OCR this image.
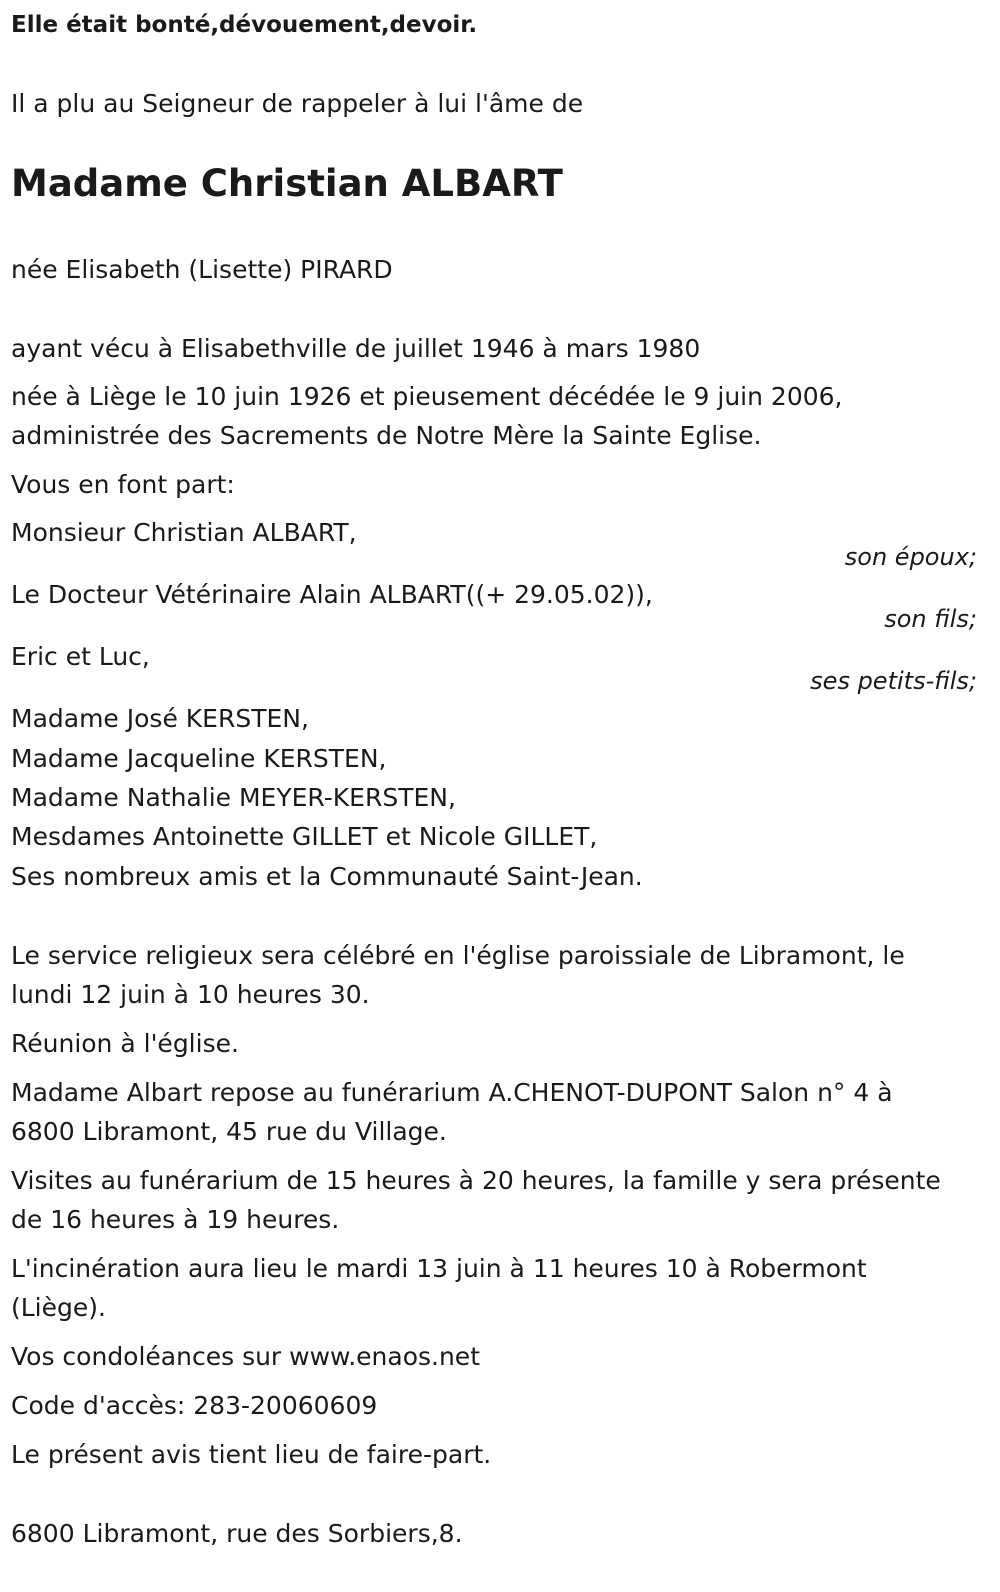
Elle était bonté,dévouement,devoir.
Il a plu au Seigneur de rappeler à lui l'âme de
Madame Christian ALBART
née Elisabeth (Lisette) PIRARD
ayant vécu à Elisabethville de juillet 1946 à mars 1980
née à Liège le 10 juin 1926 et pieusement décédée le 9 juin 2006,
administrée des Sacrements de Notre Mère la Sainte Eglise.
Vous en font part:
Monsieur Christian ALBART,
son époux;
Le Docteur Vétérinaire Alain ALBART((+ 29.05.02)),
son fils;
Eric et Luc,
ses petits-fils;
Madame José KERSTEN,
Madame Jacqueline KERSTEN,
Madame Nathalie MEYER-KERSTEN,
Mesdames Antoinette GILLET et Nicole GILLET,
Ses nombreux amis et la Communauté Saint-Jean.
Le service religieux sera célébré en l'église paroissiale de Libramont, le
lundi 12 juin à 10 heures 30.
Réunion à l'église.
Madame Albart repose au funérarium A.CHENOT-DUPONT Salon n° 4 à
6800 Libramont, 45 rue du Village.
Visites au funérarium de 15 heures à 20 heures, la famille y sera présente
de 16 heures à 19 heures.
L'incinération aura lieu le mardi 13 juin à 11 heures 10 à Robermont
(Liège).
Vos condoléances sur www.enaos.net
Code d'accès: 283-20060609
Le présent avis tient lieu de faire-part.
6800 Libramont, rue des Sorbiers,8.
